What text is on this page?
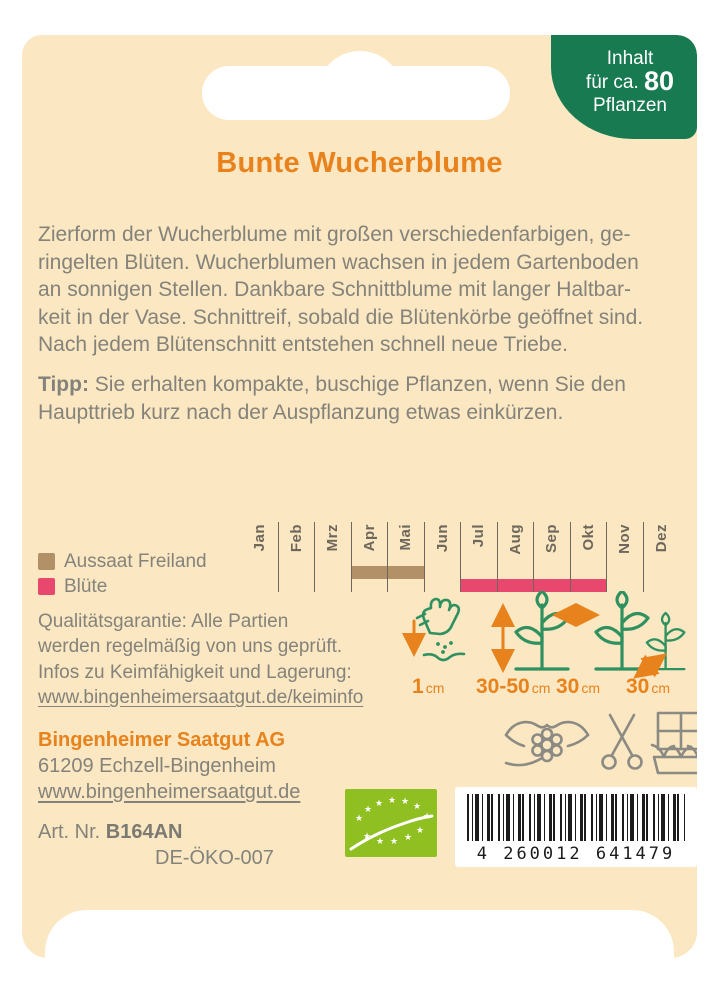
Inhalt
für ca. 80
Pflanzen
Bunte Wucherblume
Zierform der Wucherblume mit großen verschiedenfarbigen, ge-
ringelten Blüten. Wucherblumen wachsen in jedem Gartenboden
an sonnigen Stellen. Dankbare Schnittblume mit langer Haltbar-
keit in der Vase. Schnittreif, sobald die Blütenkörbe geöffnet sind.
Nach jedem Blütenschnitt entstehen schnell neue Triebe.
Tipp: Sie erhalten kompakte, buschige Pflanzen, wenn Sie den
Haupttrieb kurz nach der Auspflanzung etwas einkürzen.
Aussaat Freiland
Blüte
Jan Feb Mrz Apr Mai Jun Jul Aug Sep Okt Nov Dez
Qualitätsgarantie: Alle Partien
werden regelmäßig von uns geprüft.
Infos zu Keimfähigkeit und Lagerung:
www.bingenheimersaatgut.de/keiminfo	1 cm 30-50 cm 30 cm 30 cm
Bingenheimer Saatgut AG
61209 Echzell-Bingenheim
www.bingenheimersaatgut.de
★
★
★ ★ ★ ★
★
★
★
★
★
★
4 260012 641479
Art. Nr. B164AN
DE-ÖKO-007
